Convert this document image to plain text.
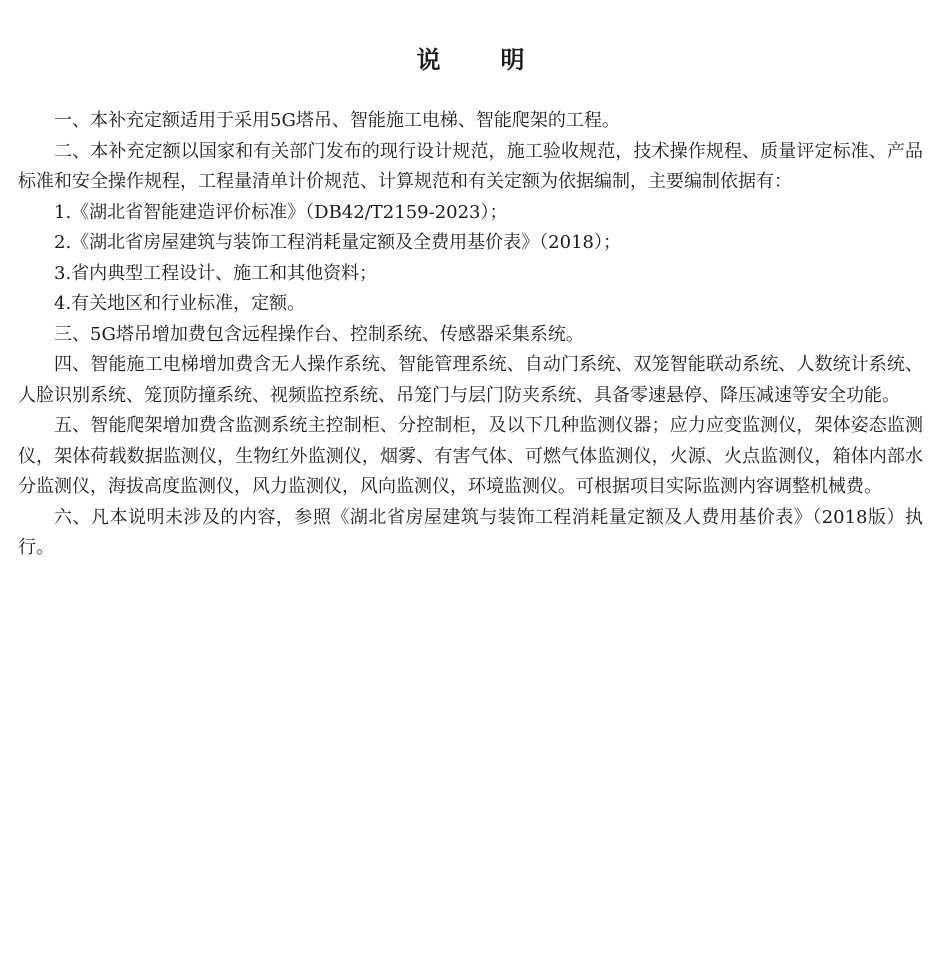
说　明

一、本补充定额适用于采用5G塔吊、智能施工电梯、智能爬架的工程。

二、本补充定额以国家和有关部门发布的现行设计规范，施工验收规范，技术操作规程、质量评定标准、产品标准和安全操作规程，工程量清单计价规范、计算规范和有关定额为依据编制，主要编制依据有：

1.《湖北省智能建造评价标准》（DB42/T2159-2023）；

2.《湖北省房屋建筑与装饰工程消耗量定额及全费用基价表》（2018）；

3.省内典型工程设计、施工和其他资料；

4.有关地区和行业标准，定额。

三、5G塔吊增加费包含远程操作台、控制系统、传感器采集系统。

四、智能施工电梯增加费含无人操作系统、智能管理系统、自动门系统、双笼智能联动系统、人数统计系统、人脸识别系统、笼顶防撞系统、视频监控系统、吊笼门与层门防夹系统、具备零速悬停、降压减速等安全功能。

五、智能爬架增加费含监测系统主控制柜、分控制柜，及以下几种监测仪器；应力应变监测仪，架体姿态监测仪，架体荷载数据监测仪，生物红外监测仪，烟雾、有害气体、可燃气体监测仪，火源、火点监测仪，箱体内部水分监测仪，海拔高度监测仪，风力监测仪，风向监测仪，环境监测仪。可根据项目实际监测内容调整机械费。

六、凡本说明未涉及的内容，参照《湖北省房屋建筑与装饰工程消耗量定额及人费用基价表》（2018版）执行。
